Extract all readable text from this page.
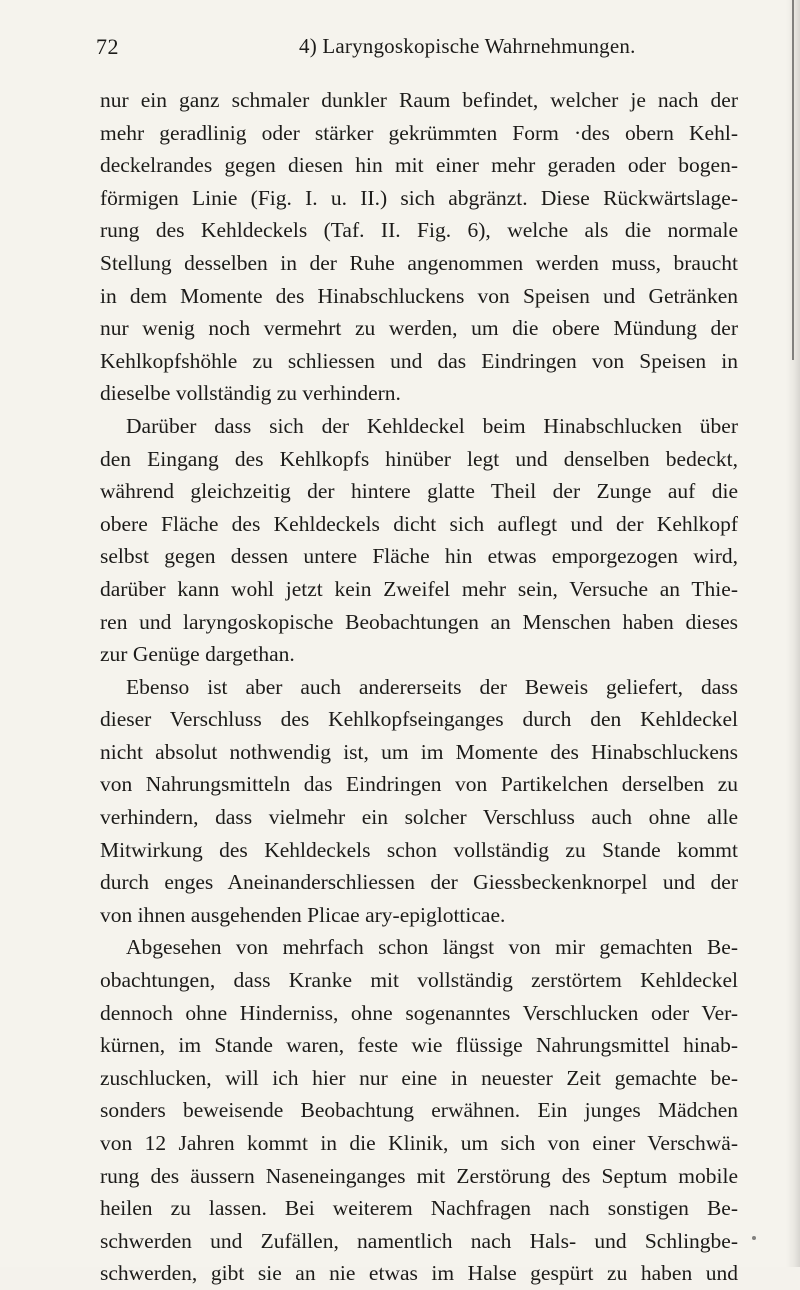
72	4) Laryngoskopische Wahrnehmungen.
nur ein ganz schmaler dunkler Raum befindet, welcher je nach der
mehr geradlinig oder stärker gekrümmten Form ·des obern Kehl-
deckelrandes gegen diesen hin mit einer mehr geraden oder bogen-
förmigen Linie (Fig. I. u. II.) sich abgränzt. Diese Rückwärtslage-
rung des Kehldeckels (Taf. II. Fig. 6), welche als die normale
Stellung desselben in der Ruhe angenommen werden muss, braucht
in dem Momente des Hinabschluckens von Speisen und Getränken
nur wenig noch vermehrt zu werden, um die obere Mündung der
Kehlkopfshöhle zu schliessen und das Eindringen von Speisen in
dieselbe vollständig zu verhindern.
Darüber dass sich der Kehldeckel beim Hinabschlucken über
den Eingang des Kehlkopfs hinüber legt und denselben bedeckt,
während gleichzeitig der hintere glatte Theil der Zunge auf die
obere Fläche des Kehldeckels dicht sich auflegt und der Kehlkopf
selbst gegen dessen untere Fläche hin etwas emporgezogen wird,
darüber kann wohl jetzt kein Zweifel mehr sein, Versuche an Thie-
ren und laryngoskopische Beobachtungen an Menschen haben dieses
zur Genüge dargethan.
Ebenso ist aber auch andererseits der Beweis geliefert, dass
dieser Verschluss des Kehlkopfseinganges durch den Kehldeckel
nicht absolut nothwendig ist, um im Momente des Hinabschluckens
von Nahrungsmitteln das Eindringen von Partikelchen derselben zu
verhindern, dass vielmehr ein solcher Verschluss auch ohne alle
Mitwirkung des Kehldeckels schon vollständig zu Stande kommt
durch enges Aneinanderschliessen der Giessbeckenknorpel und der
von ihnen ausgehenden Plicae ary-epiglotticae.
Abgesehen von mehrfach schon längst von mir gemachten Be-
obachtungen, dass Kranke mit vollständig zerstörtem Kehldeckel
dennoch ohne Hinderniss, ohne sogenanntes Verschlucken oder Ver-
kürnen, im Stande waren, feste wie flüssige Nahrungsmittel hinab-
zuschlucken, will ich hier nur eine in neuester Zeit gemachte be-
sonders beweisende Beobachtung erwähnen. Ein junges Mädchen
von 12 Jahren kommt in die Klinik, um sich von einer Verschwä-
rung des äussern Naseneinganges mit Zerstörung des Septum mobile
heilen zu lassen. Bei weiterem Nachfragen nach sonstigen Be-
schwerden und Zufällen, namentlich nach Hals- und Schlingbe-
schwerden, gibt sie an nie etwas im Halse gespürt zu haben und
